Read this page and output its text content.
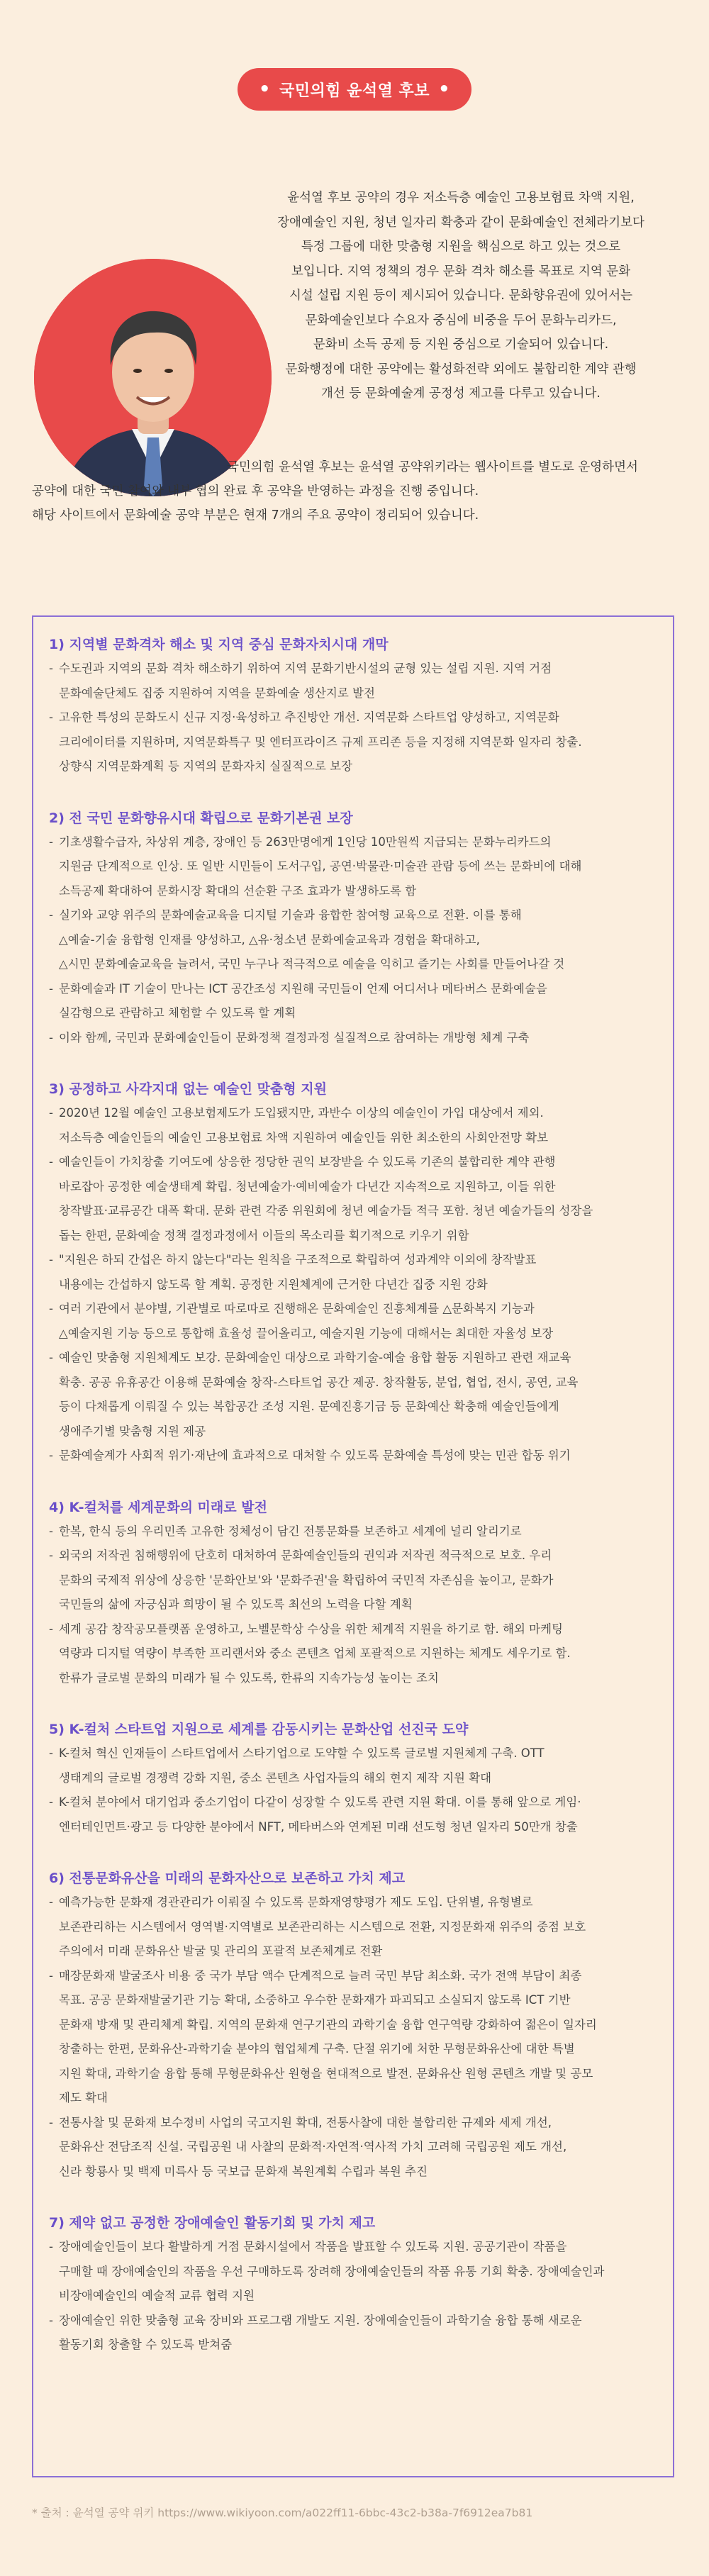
• 국민의힘 윤석열 후보 •

윤석열 후보 공약의 경우 저소득층 예술인 고용보험료 차액 지원,

장애예술인 지원, 청년 일자리 확충과 같이 문화예술인 전체라기보다

특정 그룹에 대한 맞춤형 지원을 핵심으로 하고 있는 것으로

보입니다. 지역 정책의 경우 문화 격차 해소를 목표로 지역 문화

시설 설립 지원 등이 제시되어 있습니다. 문화향유권에 있어서는

문화예술인보다 수요자 중심에 비중을 두어 문화누리카드,

문화비 소득 공제 등 지원 중심으로 기술되어 있습니다.

문화행정에 대한 공약에는 활성화전략 외에도 불합리한 계약 관행

개선 등 문화예술계 공정성 제고를 다루고 있습니다.

국민의힘 윤석열 후보는 윤석열 공약위키라는 웹사이트를 별도로 운영하면서

공약에 대한 국민 참여와 내부 협의 완료 후 공약을 반영하는 과정을 진행 중입니다.

해당 사이트에서 문화예술 공약 부분은 현재 7개의 주요 공약이 정리되어 있습니다.

1) 지역별 문화격차 해소 및 지역 중심 문화자치시대 개막
- 수도권과 지역의 문화 격차 해소하기 위하여 지역 문화기반시설의 균형 있는 설립 지원. 지역 거점
문화예술단체도 집중 지원하여 지역을 문화예술 생산지로 발전
- 고유한 특성의 문화도시 신규 지정·육성하고 추진방안 개선. 지역문화 스타트업 양성하고, 지역문화
크리에이터를 지원하며, 지역문화특구 및 엔터프라이즈 규제 프리존 등을 지정해 지역문화 일자리 창출.
상향식 지역문화계획 등 지역의 문화자치 실질적으로 보장
2) 전 국민 문화향유시대 확립으로 문화기본권 보장
- 기초생활수급자, 차상위 계층, 장애인 등 263만명에게 1인당 10만원씩 지급되는 문화누리카드의
지원금 단계적으로 인상. 또 일반 시민들이 도서구입, 공연·박물관·미술관 관람 등에 쓰는 문화비에 대해
소득공제 확대하여 문화시장 확대의 선순환 구조 효과가 발생하도록 함
- 실기와 교양 위주의 문화예술교육을 디지털 기술과 융합한 참여형 교육으로 전환. 이를 통해
△예술-기술 융합형 인재를 양성하고, △유·청소년 문화예술교육과 경험을 확대하고,
△시민 문화예술교육을 늘려서, 국민 누구나 적극적으로 예술을 익히고 즐기는 사회를 만들어나갈 것
- 문화예술과 IT 기술이 만나는 ICT 공간조성 지원해 국민들이 언제 어디서나 메타버스 문화예술을
실감형으로 관람하고 체험할 수 있도록 할 계획
- 이와 함께, 국민과 문화예술인들이 문화정책 결정과정 실질적으로 참여하는 개방형 체계 구축
3) 공정하고 사각지대 없는 예술인 맞춤형 지원
- 2020년 12월 예술인 고용보험제도가 도입됐지만, 과반수 이상의 예술인이 가입 대상에서 제외.
저소득층 예술인들의 예술인 고용보험료 차액 지원하여 예술인들 위한 최소한의 사회안전망 확보
- 예술인들이 가치창출 기여도에 상응한 정당한 권익 보장받을 수 있도록 기존의 불합리한 계약 관행
바로잡아 공정한 예술생태계 확립. 청년예술가·예비예술가 다년간 지속적으로 지원하고, 이들 위한
창작발표·교류공간 대폭 확대. 문화 관련 각종 위원회에 청년 예술가들 적극 포함. 청년 예술가들의 성장을
돕는 한편, 문화예술 정책 결정과정에서 이들의 목소리를 획기적으로 키우기 위함
- "지원은 하되 간섭은 하지 않는다"라는 원칙을 구조적으로 확립하여 성과계약 이외에 창작발표
내용에는 간섭하지 않도록 할 계획. 공정한 지원체계에 근거한 다년간 집중 지원 강화
- 여러 기관에서 분야별, 기관별로 따로따로 진행해온 문화예술인 진흥체계를 △문화복지 기능과
△예술지원 기능 등으로 통합해 효율성 끌어올리고, 예술지원 기능에 대해서는 최대한 자율성 보장
- 예술인 맞춤형 지원체계도 보강. 문화예술인 대상으로 과학기술-예술 융합 활동 지원하고 관련 재교육
확충. 공공 유휴공간 이용해 문화예술 창작-스타트업 공간 제공. 창작활동, 분업, 협업, 전시, 공연, 교육
등이 다채롭게 이뤄질 수 있는 복합공간 조성 지원. 문예진흥기금 등 문화예산 확충해 예술인들에게
생애주기별 맞춤형 지원 제공
- 문화예술계가 사회적 위기·재난에 효과적으로 대처할 수 있도록 문화예술 특성에 맞는 민관 합동 위기
4) K-컬처를 세계문화의 미래로 발전
- 한복, 한식 등의 우리민족 고유한 정체성이 담긴 전통문화를 보존하고 세계에 널리 알리기로
- 외국의 저작권 침해행위에 단호히 대처하여 문화예술인들의 권익과 저작권 적극적으로 보호. 우리
문화의 국제적 위상에 상응한 '문화안보'와 '문화주권'을 확립하여 국민적 자존심을 높이고, 문화가
국민들의 삶에 자긍심과 희망이 될 수 있도록 최선의 노력을 다할 계획
- 세계 공감 창작공모플랫폼 운영하고, 노벨문학상 수상을 위한 체계적 지원을 하기로 함. 해외 마케팅
역량과 디지털 역량이 부족한 프리랜서와 중소 콘텐츠 업체 포괄적으로 지원하는 체계도 세우기로 함.
한류가 글로벌 문화의 미래가 될 수 있도록, 한류의 지속가능성 높이는 조치
5) K-컬처 스타트업 지원으로 세계를 감동시키는 문화산업 선진국 도약
- K-컬처 혁신 인재들이 스타트업에서 스타기업으로 도약할 수 있도록 글로벌 지원체계 구축. OTT
생태계의 글로벌 경쟁력 강화 지원, 중소 콘텐츠 사업자들의 해외 현지 제작 지원 확대
- K-컬처 분야에서 대기업과 중소기업이 다같이 성장할 수 있도록 관련 지원 확대. 이를 통해 앞으로 게임·
엔터테인먼트·광고 등 다양한 분야에서 NFT, 메타버스와 연계된 미래 선도형 청년 일자리 50만개 창출
6) 전통문화유산을 미래의 문화자산으로 보존하고 가치 제고
- 예측가능한 문화재 경관관리가 이뤄질 수 있도록 문화재영향평가 제도 도입. 단위별, 유형별로
보존관리하는 시스템에서 영역별·지역별로 보존관리하는 시스템으로 전환, 지정문화재 위주의 중점 보호
주의에서 미래 문화유산 발굴 및 관리의 포괄적 보존체계로 전환
- 매장문화재 발굴조사 비용 중 국가 부담 액수 단계적으로 늘려 국민 부담 최소화. 국가 전액 부담이 최종
목표. 공공 문화재발굴기관 기능 확대, 소중하고 우수한 문화재가 파괴되고 소실되지 않도록 ICT 기반
문화재 방재 및 관리체계 확립. 지역의 문화재 연구기관의 과학기술 융합 연구역량 강화하여 젊은이 일자리
창출하는 한편, 문화유산-과학기술 분야의 협업체계 구축. 단절 위기에 처한 무형문화유산에 대한 특별
지원 확대, 과학기술 융합 통해 무형문화유산 원형을 현대적으로 발전. 문화유산 원형 콘텐츠 개발 및 공모
제도 확대
- 전통사찰 및 문화재 보수정비 사업의 국고지원 확대, 전통사찰에 대한 불합리한 규제와 세제 개선,
문화유산 전담조직 신설. 국립공원 내 사찰의 문화적·자연적·역사적 가치 고려해 국립공원 제도 개선,
신라 황룡사 및 백제 미륵사 등 국보급 문화재 복원계획 수립과 복원 추진
7) 제약 없고 공정한 장애예술인 활동기회 및 가치 제고
- 장애예술인들이 보다 활발하게 거점 문화시설에서 작품을 발표할 수 있도록 지원. 공공기관이 작품을
구매할 때 장애예술인의 작품을 우선 구매하도록 장려해 장애예술인들의 작품 유통 기회 확충. 장애예술인과
비장애예술인의 예술적 교류 협력 지원
- 장애예술인 위한 맞춤형 교육 장비와 프로그램 개발도 지원. 장애예술인들이 과학기술 융합 통해 새로운
활동기회 창출할 수 있도록 받쳐줌
* 출처 : 윤석열 공약 위키 https://www.wikiyoon.com/a022ff11-6bbc-43c2-b38a-7f6912ea7b81
